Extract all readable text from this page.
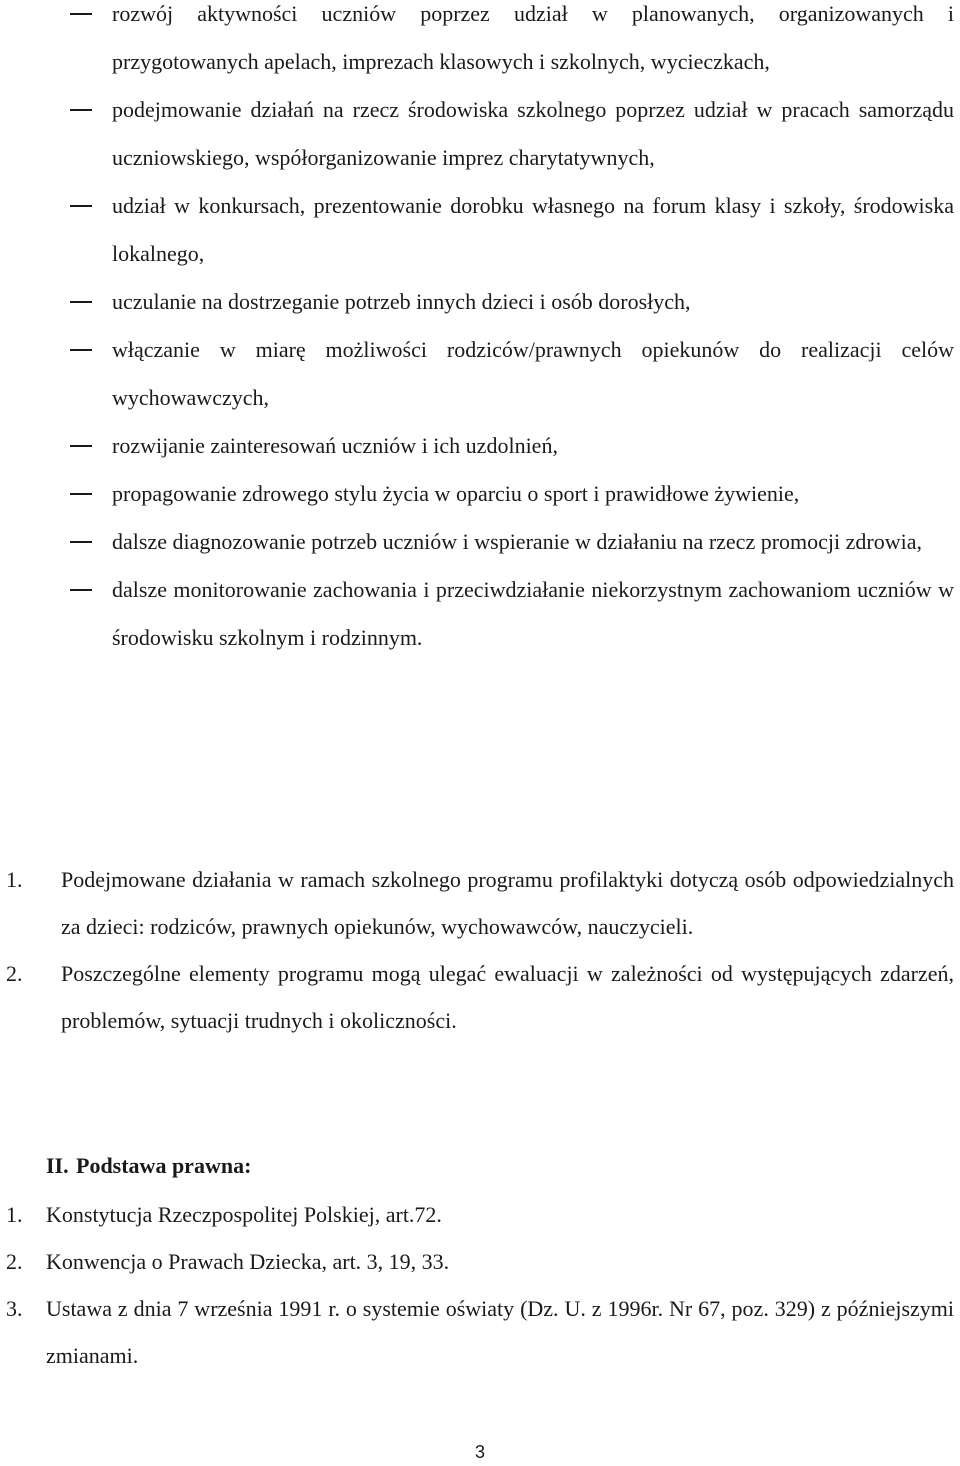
rozwój aktywności uczniów poprzez udział w planowanych, organizowanych i przygotowanych apelach, imprezach klasowych i szkolnych, wycieczkach,
podejmowanie działań na rzecz środowiska szkolnego poprzez udział w pracach samorządu uczniowskiego, współorganizowanie imprez charytatywnych,
udział w konkursach, prezentowanie dorobku własnego na forum klasy i szkoły, środowiska lokalnego,
uczulanie na dostrzeganie potrzeb innych dzieci i osób dorosłych,
włączanie w miarę możliwości rodziców/prawnych opiekunów do realizacji celów wychowawczych,
rozwijanie zainteresowań uczniów i ich uzdolnień,
propagowanie zdrowego stylu życia w oparciu o sport i prawidłowe żywienie,
dalsze diagnozowanie potrzeb uczniów i wspieranie w działaniu na rzecz promocji zdrowia,
dalsze monitorowanie zachowania i przeciwdziałanie niekorzystnym zachowaniom uczniów w środowisku szkolnym i rodzinnym.
1. Podejmowane działania w ramach szkolnego programu profilaktyki dotyczą osób odpowiedzialnych za dzieci: rodziców, prawnych opiekunów, wychowawców, nauczycieli.
2. Poszczególne elementy programu mogą ulegać ewaluacji w zależności od występujących zdarzeń, problemów, sytuacji trudnych i okoliczności.
II. Podstawa prawna:
1. Konstytucja Rzeczpospolitej Polskiej, art.72.
2. Konwencja o Prawach Dziecka, art. 3, 19, 33.
3. Ustawa z dnia 7 września 1991 r. o systemie oświaty (Dz. U. z 1996r. Nr 67, poz. 329) z późniejszymi zmianami.
3
